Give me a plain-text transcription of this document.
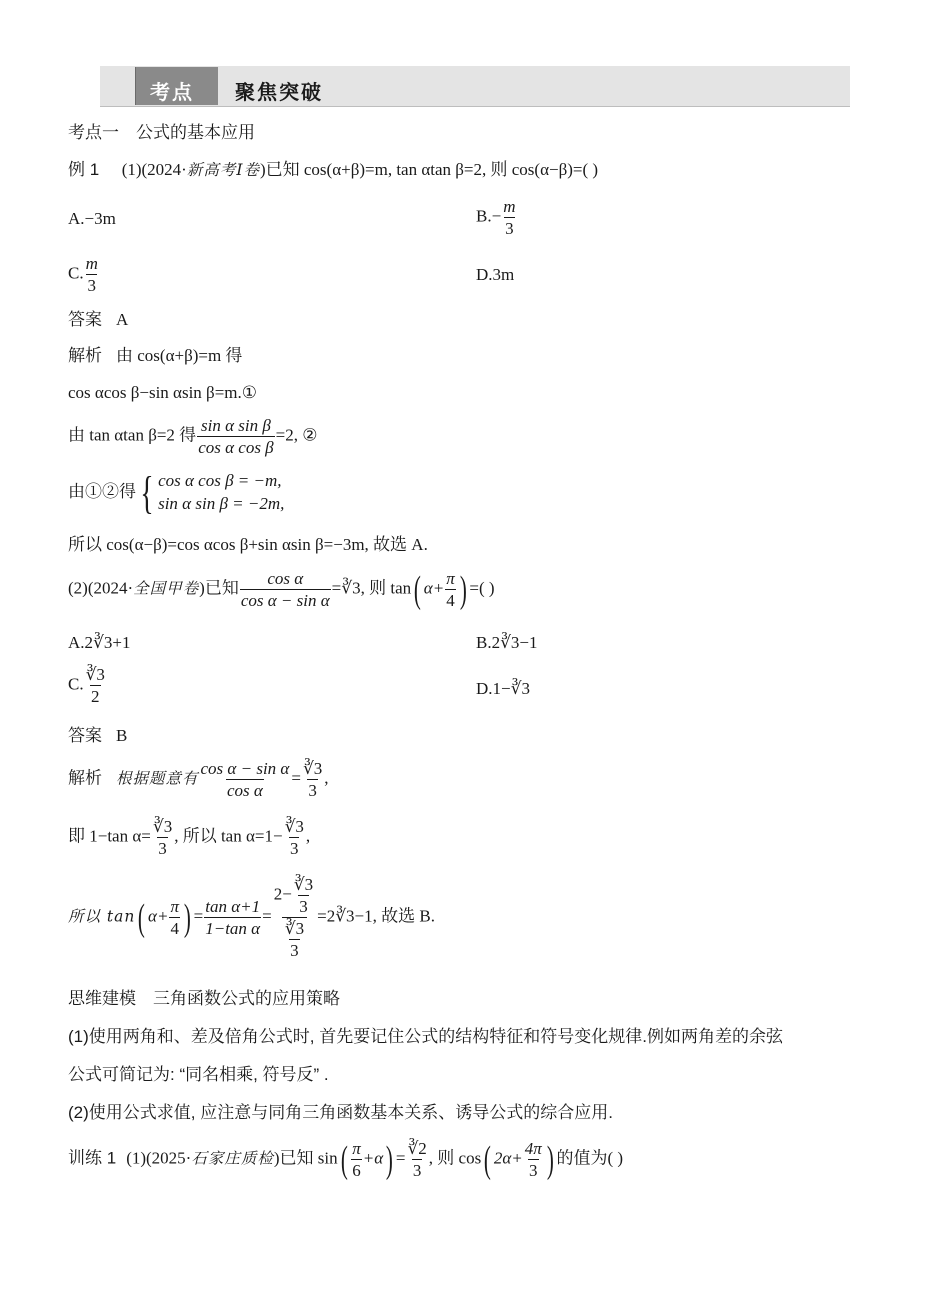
考点 聚焦突破
考点一　公式的基本应用
例 1 (1)(2024·新高考Ⅰ卷)已知 cos(α+β)=m, tan αtan β=2, 则 cos(α−β)=( )
A.−3m	$B.- \frac{m}{3}$
C. $\frac{m}{3}$	D.3m
答案 A
解析 由 cos(α+β)=m 得
cos αcos β−sin αsin β=m.①
由 tan αtan β=2 得 $\frac{\text{sin α sin β}}{\text{cos α cos β}} =2$, ②
由①②得{ cos α cos β = −m,
sin α sin β = −2m,
所以 cos(α−β)=cos αcos β+sin αsin β=−3m, 故选 A.
(2)(2024·全国甲卷)已知 $\frac{\text{cos α}}{\text{cos α − sin α}}$ =∛3, 则 tan( $\alpha+ \frac{\pi}{4}$ ) =( )
A.2∛3+1	B.2∛3−1
C. $\frac{∛3}{2}$	D.1−∛3
答案 B
解析 根据题意有 $\frac{\text{cos α − sin α}}{\text{cos α}} = \frac{∛3}{3}$ ,
即 1−tan $\alpha= \frac{∛3}{3}$ , 所以 $\tan \alpha=1- \frac{∛3}{3}$ ,
所以 tan( $\alpha+ \frac{\pi}{4}$ ) = $\frac{\text{tan α+1}}{\text{1−tan α}} = \frac{2- \frac{∛3}{3}}{\frac{∛3}{3}}$ =2∛3−1, 故选 B.
思维建模　三角函数公式的应用策略
(1)使用两角和、差及倍角公式时, 首先要记住公式的结构特征和符号变化规律.例如两角差的余弦
公式可简记为: “同名相乘, 符号反” .
(2)使用公式求值, 应注意与同角三角函数基本关系、诱导公式的综合应用.
训练 1 (1)(2025·石家庄质检)已知 $\sin( \frac{\pi}{6} +\alpha) = \frac{∛2}{3}$ , 则 cos( $2\alpha+ \frac{4\pi}{3}$ ) 的值为( )
